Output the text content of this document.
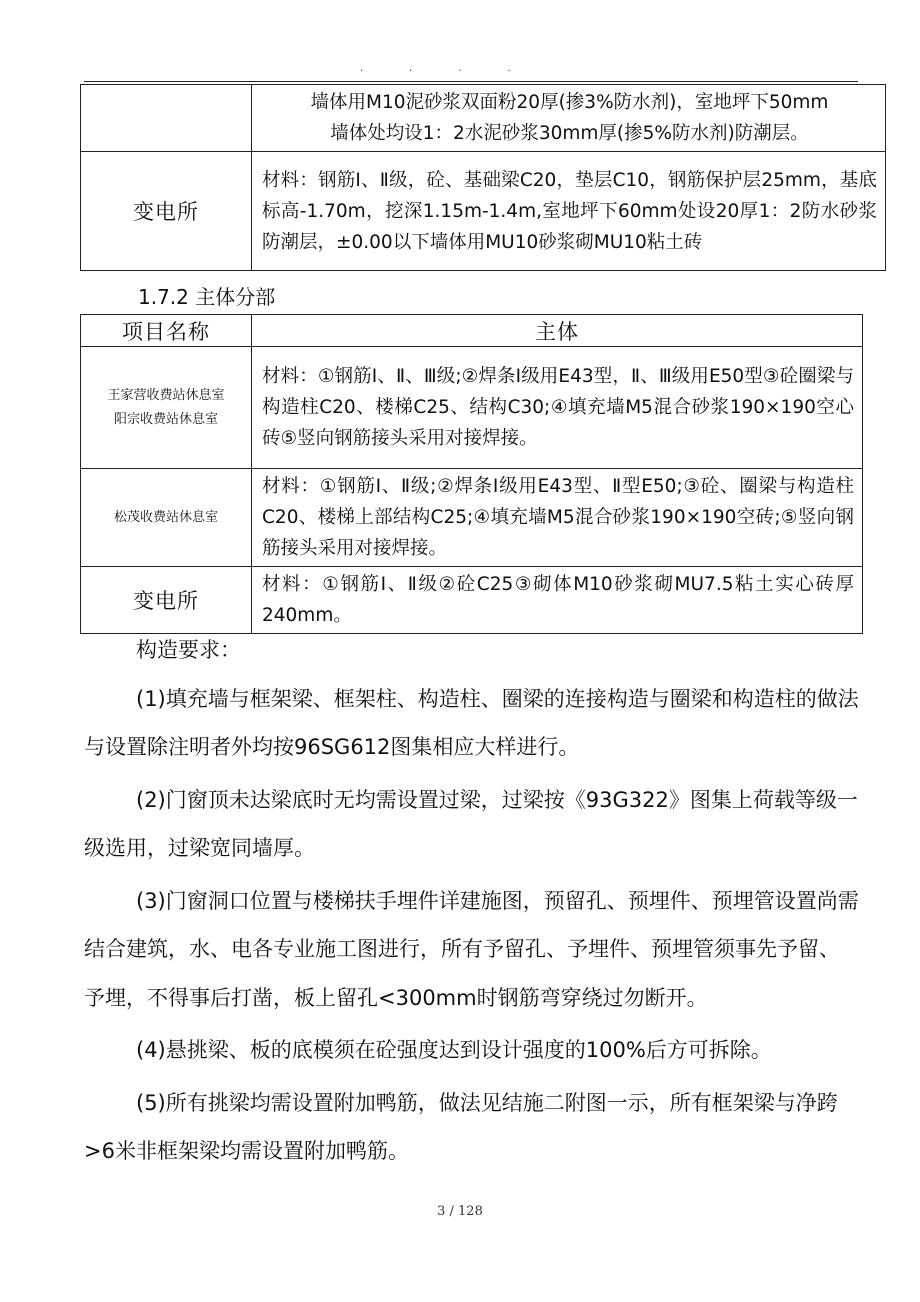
····

	墙体用M10泥砂浆双面粉20厚(掺3%防水剂)，室地坪下50mm
墙体处均设1：2水泥砂浆30mm厚(掺5%防水剂)防潮层。

变电所	材料：钢筋Ⅰ、Ⅱ级，砼、基础梁C20，垫层C10，钢筋保护层25mm，基底标高-1.70m，挖深1.15m-1.4m,室地坪下60mm处设20厚1：2防水砂浆防潮层，±0.00以下墙体用MU10砂浆砌MU10粘土砖
1.7.2 主体分部
项目名称	主体

王家营收费站休息室
阳宗收费站休息室	材料：①钢筋Ⅰ、Ⅱ、Ⅲ级;②焊条Ⅰ级用E43型，Ⅱ、Ⅲ级用E50型③砼圈梁与构造柱C20、楼梯C25、结构C30;④填充墙M5混合砂浆190×190空心砖⑤竖向钢筋接头采用对接焊接。
松茂收费站休息室	材料：①钢筋Ⅰ、Ⅱ级;②焊条Ⅰ级用E43型、Ⅱ型E50;③砼、圈梁与构造柱C20、楼梯上部结构C25;④填充墙M5混合砂浆190×190空砖;⑤竖向钢筋接头采用对接焊接。
变电所	材料：①钢筋Ⅰ、Ⅱ级②砼C25③砌体M10砂浆砌MU7.5粘土实心砖厚240mm。

构造要求：

(1)填充墙与框架梁、框架柱、构造柱、圈梁的连接构造与圈梁和构造柱的做法与设置除注明者外均按96SG612图集相应大样进行。

(2)门窗顶未达梁底时无均需设置过梁，过梁按《93G322》图集上荷载等级一级选用，过梁宽同墙厚。

(3)门窗洞口位置与楼梯扶手埋件详建施图，预留孔、预埋件、预埋管设置尚需结合建筑，水、电各专业施工图进行，所有予留孔、予埋件、预埋管须事先予留、予埋，不得事后打凿，板上留孔<300mm时钢筋弯穿绕过勿断开。

(4)悬挑梁、板的底模须在砼强度达到设计强度的100%后方可拆除。

(5)所有挑梁均需设置附加鸭筋，做法见结施二附图一示，所有框架梁与净跨>6米非框架梁均需设置附加鸭筋。

3 / 128
